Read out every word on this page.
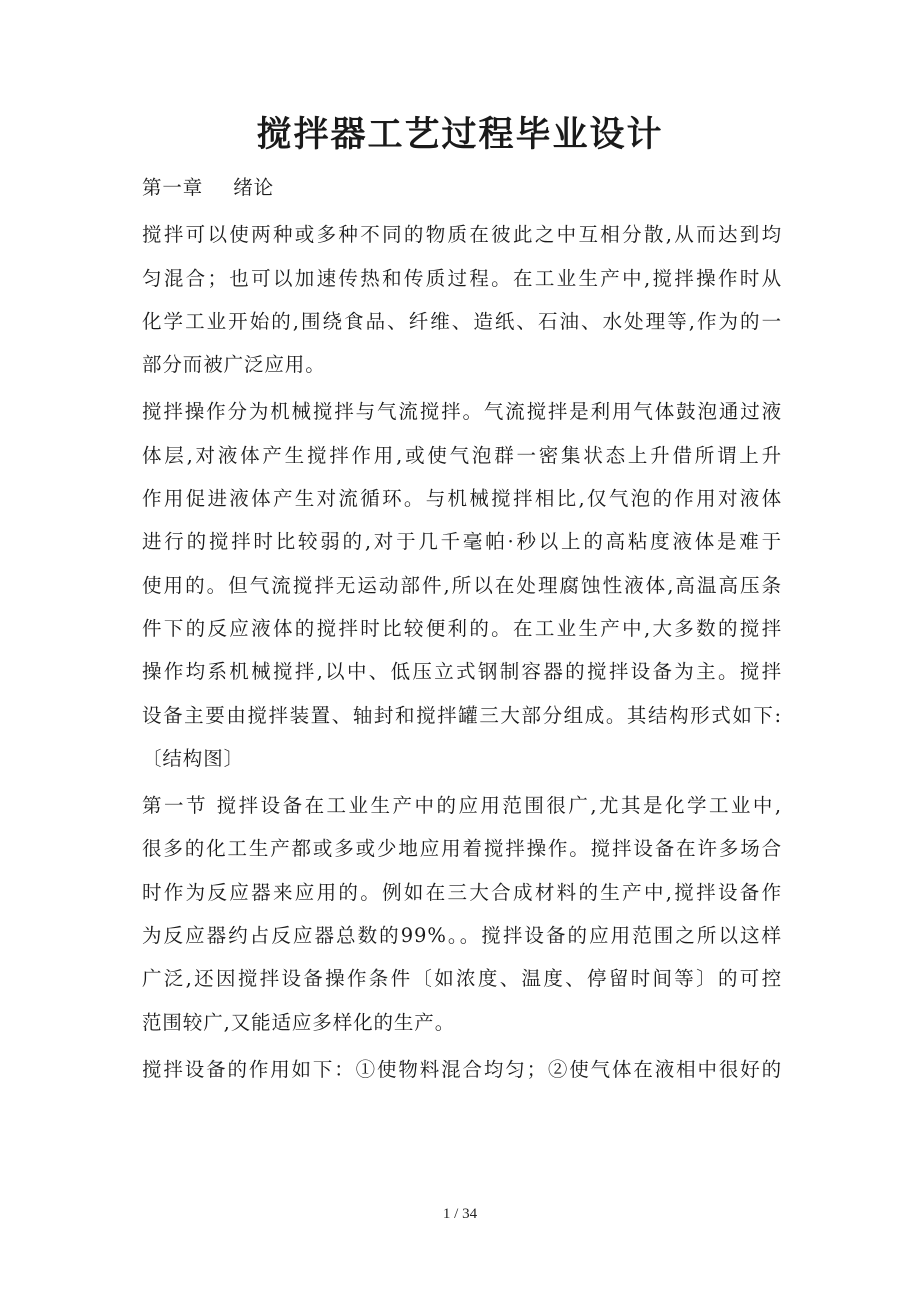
搅拌器工艺过程毕业设计

第一章 绪论

搅拌可以使两种或多种不同的物质在彼此之中互相分散,从而达到均

匀混合；也可以加速传热和传质过程。在工业生产中,搅拌操作时从

化学工业开始的,围绕食品、纤维、造纸、石油、水处理等,作为的一

部分而被广泛应用。

搅拌操作分为机械搅拌与气流搅拌。气流搅拌是利用气体鼓泡通过液

体层,对液体产生搅拌作用,或使气泡群一密集状态上升借所谓上升

作用促进液体产生对流循环。与机械搅拌相比,仅气泡的作用对液体

进行的搅拌时比较弱的,对于几千毫帕·秒以上的高粘度液体是难于

使用的。但气流搅拌无运动部件,所以在处理腐蚀性液体,高温高压条

件下的反应液体的搅拌时比较便利的。在工业生产中,大多数的搅拌

操作均系机械搅拌,以中、低压立式钢制容器的搅拌设备为主。搅拌

设备主要由搅拌装置、轴封和搅拌罐三大部分组成。其结构形式如下:

〔结构图〕

第一节 搅拌设备在工业生产中的应用范围很广,尤其是化学工业中,

很多的化工生产都或多或少地应用着搅拌操作。搅拌设备在许多场合

时作为反应器来应用的。例如在三大合成材料的生产中,搅拌设备作

为反应器约占反应器总数的99%。。搅拌设备的应用范围之所以这样

广泛,还因搅拌设备操作条件〔如浓度、温度、停留时间等〕的可控

范围较广,又能适应多样化的生产。

搅拌设备的作用如下：①使物料混合均匀；②使气体在液相中很好的

1 / 34
